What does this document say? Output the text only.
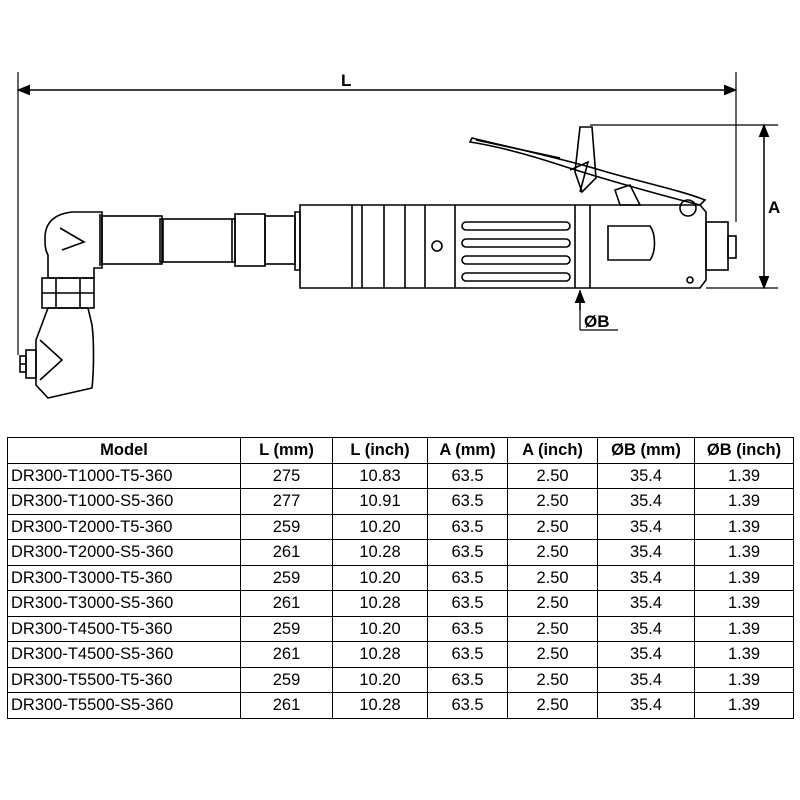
L
A
ØB
Model	L (mm)	L (inch)	A (mm)	A (inch)	ØB (mm)	ØB (inch)
DR300-T1000-T5-360	275	10.83	63.5	2.50	35.4	1.39
DR300-T1000-S5-360	277	10.91	63.5	2.50	35.4	1.39
DR300-T2000-T5-360	259	10.20	63.5	2.50	35.4	1.39
DR300-T2000-S5-360	261	10.28	63.5	2.50	35.4	1.39
DR300-T3000-T5-360	259	10.20	63.5	2.50	35.4	1.39
DR300-T3000-S5-360	261	10.28	63.5	2.50	35.4	1.39
DR300-T4500-T5-360	259	10.20	63.5	2.50	35.4	1.39
DR300-T4500-S5-360	261	10.28	63.5	2.50	35.4	1.39
DR300-T5500-T5-360	259	10.20	63.5	2.50	35.4	1.39
DR300-T5500-S5-360	261	10.28	63.5	2.50	35.4	1.39
